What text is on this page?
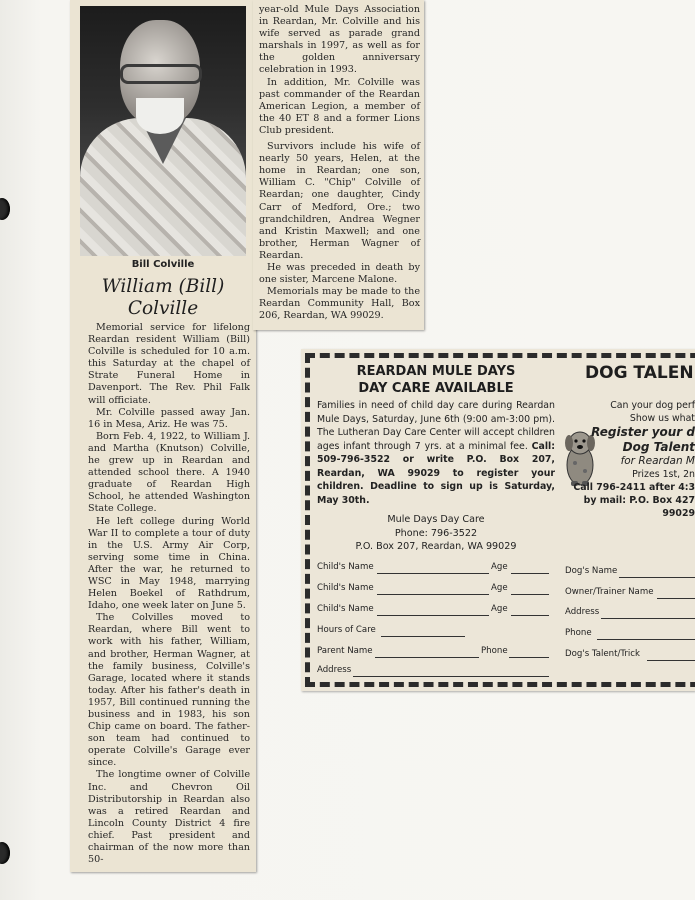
Bill Colville
William (Bill)
Colville

Memorial service for lifelong Reardan resident William (Bill) Colville is scheduled for 10 a.m. this Saturday at the chapel of Strate Funeral Home in Davenport. The Rev. Phil Falk will officiate.

Mr. Colville passed away Jan. 16 in Mesa, Ariz. He was 75.

Born Feb. 4, 1922, to William J. and Martha (Knutson) Colville, he grew up in Reardan and attended school there. A 1940 graduate of Reardan High School, he attended Washington State College.

He left college during World War II to complete a tour of duty in the U.S. Army Air Corp, serving some time in China. After the war, he returned to WSC in May 1948, marrying Helen Boekel of Rathdrum, Idaho, one week later on June 5.

The Colvilles moved to Reardan, where Bill went to work with his father, William, and brother, Herman Wagner, at the family business, Colville's Garage, located where it stands today. After his father's death in 1957, Bill continued running the business and in 1983, his son Chip came on board. The father-son team had continued to operate Colville's Garage ever since.

The longtime owner of Colville Inc. and Chevron Oil Distributorship in Reardan also was a retired Reardan and Lincoln County District 4 fire chief. Past president and chairman of the now more than 50-

year-old Mule Days Association in Reardan, Mr. Colville and his wife served as parade grand marshals in 1997, as well as for the golden anniversary celebration in 1993.

In addition, Mr. Colville was past commander of the Reardan American Legion, a member of the 40 ET 8 and a former Lions Club president.

Survivors include his wife of nearly 50 years, Helen, at the home in Reardan; one son, William C. "Chip" Colville of Reardan; one daughter, Cindy Carr of Medford, Ore.; two grandchildren, Andrea Wegner and Kristin Maxwell; and one brother, Herman Wagner of Reardan.

He was preceded in death by one sister, Marcene Malone.

Memorials may be made to the Reardan Community Hall, Box 206, Reardan, WA 99029.

REARDAN MULE DAYS
DAY CARE AVAILABLE

Families in need of child day care during Reardan Mule Days, Saturday, June 6th (9:00 am-3:00 pm). The Lutheran Day Care Center will accept children ages infant through 7 yrs. at a minimal fee. Call: 509-796-3522 or write P.O. Box 207, Reardan, WA 99029 to register your children. Deadline to sign up is Saturday, May 30th.

Mule Days Day Care
Phone: 796-3522
P.O. Box 207, Reardan, WA 99029
Child's Name	Age
Child's Name	Age
Child's Name	Age
Hours of Care
Parent Name	Phone
Address
DOG TALEN
Can your dog perf
Show us what
Register your d
Dog Talent
for Reardan M
Prizes 1st, 2n
Call 796-2411 after 4:3
by mail: P.O. Box 427
99029
Dog's Name
Owner/Trainer Name
Address
Phone
Dog's Talent/Trick
